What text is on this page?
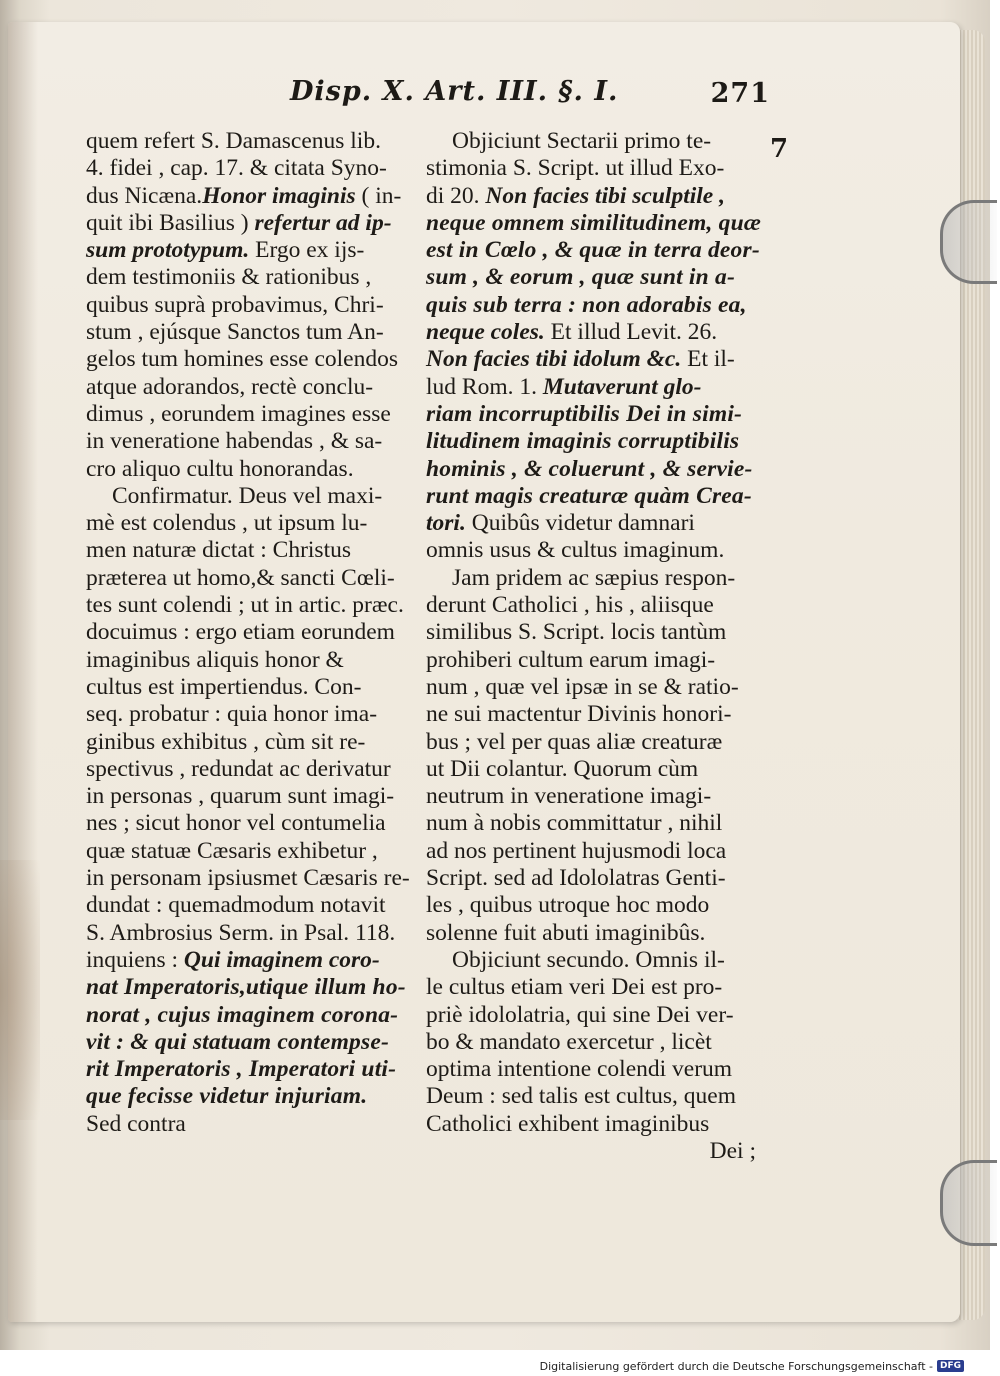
Disp. X. Art. III. §. I.	271
7
quem refert S. Damascenus lib.
4. fidei , cap. 17. & citata Syno-
dus Nicæna.Honor imaginis ( in-
quit ibi Basilius ) refertur ad ip-
sum prototypum. Ergo ex ijs-
dem testimoniis & rationibus ,
quibus suprà probavimus, Chri-
stum , ejúsque Sanctos tum An-
gelos tum homines esse colendos
atque adorandos, rectè conclu-
dimus , eorundem imagines esse
in veneratione habendas , & sa-
cro aliquo cultu honorandas.
Confirmatur. Deus vel maxi-
mè est colendus , ut ipsum lu-
men naturæ dictat : Christus
præterea ut homo,& sancti Cœli-
tes sunt colendi ; ut in artic. præc.
docuimus : ergo etiam eorundem
imaginibus aliquis honor &
cultus est impertiendus. Con-
seq. probatur : quia honor ima-
ginibus exhibitus , cùm sit re-
spectivus , redundat ac derivatur
in personas , quarum sunt imagi-
nes ; sicut honor vel contumelia
quæ statuæ Cæsaris exhibetur ,
in personam ipsiusmet Cæsaris re-
dundat : quemadmodum notavit
S. Ambrosius Serm. in Psal. 118.
inquiens : Qui imaginem coro-
nat Imperatoris,utique illum ho-
norat , cujus imaginem corona-
vit : & qui statuam contempse-
rit Imperatoris , Imperatori uti-
que fecisse videtur injuriam.
Sed contra
Objiciunt Sectarii primo te-
stimonia S. Script. ut illud Exo-
di 20. Non facies tibi sculptile ,
neque omnem similitudinem, quæ
est in Cœlo , & quæ in terra deor-
sum , & eorum , quæ sunt in a-
quis sub terra : non adorabis ea,
neque coles. Et illud Levit. 26.
Non facies tibi idolum &c. Et il-
lud Rom. 1. Mutaverunt glo-
riam incorruptibilis Dei in simi-
litudinem imaginis corruptibilis
hominis , & coluerunt , & servie-
runt magis creaturæ quàm Crea-
tori. Quibûs videtur damnari
omnis usus & cultus imaginum.
Jam pridem ac sæpius respon-
derunt Catholici , his , aliisque
similibus S. Script. locis tantùm
prohiberi cultum earum imagi-
num , quæ vel ipsæ in se & ratio-
ne sui mactentur Divinis honori-
bus ; vel per quas aliæ creaturæ
ut Dii colantur. Quorum cùm
neutrum in veneratione imagi-
num à nobis committatur , nihil
ad nos pertinent hujusmodi loca
Script. sed ad Idololatras Genti-
les , quibus utroque hoc modo
solenne fuit abuti imaginibûs.
Objiciunt secundo. Omnis il-
le cultus etiam veri Dei est pro-
priè idololatria, qui sine Dei ver-
bo & mandato exercetur , licèt
optima intentione colendi verum
Deum : sed talis est cultus, quem
Catholici exhibent imaginibus
Dei ;
Digitalisierung gefördert durch die Deutsche Forschungsgemeinschaft - DFG
